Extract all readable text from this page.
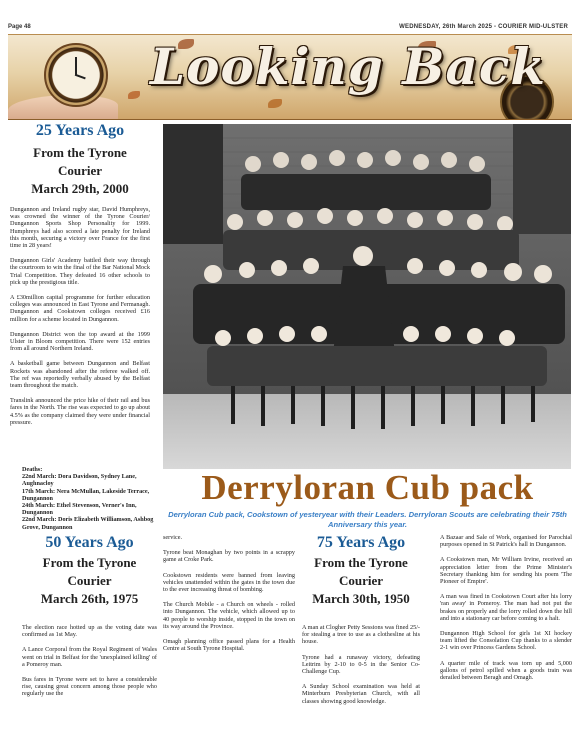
Page 48	WEDNESDAY, 26th March 2025 - COURIER MID-ULSTER
Looking Back
25 Years Ago
From the Tyrone Courier
March 29th, 2000

Dungannon and Ireland rugby star, David Humphreys, was crowned the winner of the Tyrone Courier/ Dungannon Sports Shop Personality for 1999. Humphreys had also scored a late penalty for Ireland this month, securing a victory over France for the first time in 28 years!

Dungannon Girls' Academy battled their way through the courtroom to win the final of the Bar National Mock Trial Competition. They defeated 16 other schools to pick up the prestigious title.

A £30million capital programme for further education colleges was announced in East Tyrone and Fermanagh. Dungannon and Cookstown colleges received £16 million for a scheme located in Dungannon.

Dungannon District won the top award at the 1999 Ulster in Bloom competition. There were 152 entries from all around Northern Ireland.

A basketball game between Dungannon and Belfast Rockets was abandoned after the referee walked off. The ref was reportedly verbally abused by the Belfast team throughout the match.

Translink announced the price hike of their rail and bus fares in the North. The rise was expected to go up about 4.5% as the company claimed they were under financial pressure.

Deaths:
22nd March: Dora Davidson, Sydney Lane, Aughnacloy
17th March: Nera McMullan, Lakeside Terrace, Dungannon
24th March: Ethel Stevenson, Verner's Inn, Dungannon
22nd March: Doris Elizabeth Williamson, Ashbog Grove, Dungannon
Derryloran Cub pack
Derryloran Cub pack, Cookstown of yesteryear with their Leaders. Derryloran Scouts are celebrating their 75th Anniversary this year.
50 Years Ago
From the Tyrone Courier
March 26th, 1975

The election race hotted up as the voting date was confirmed as 1st May.

A Lance Corporal from the Royal Regiment of Wales went on trial in Belfast for the 'unexplained killing' of a Pomeroy man.

Bus fares in Tyrone were set to have a considerable rise, causing great concern among those people who regularly use the

service.

Tyrone beat Monaghan by two points in a scrappy game at Croke Park.

Cookstown residents were banned from leaving vehicles unattended within the gates in the town due to the ever increasing threat of bombing.

The Church Mobile - a Church on wheels - rolled into Dungannon. The vehicle, which allowed up to 40 people to worship inside, stopped in the town on its way around the Province.

Omagh planning office passed plans for a Health Centre at South Tyrone Hospital.

75 Years Ago
From the Tyrone Courier
March 30th, 1950

A man at Clogher Petty Sessions was fined 25/- for stealing a tree to use as a clothesline at his house.

Tyrone had a runaway victory, defeating Leitrim by 2-10 to 0-5 in the Senior Co-Challenge Cup.

A Sunday School examination was held at Minterburn Presbyterian Church, with all classes showing good knowledge.

A Bazaar and Sale of Work, organised for Parochial purposes opened in St Patrick's hall in Dungannon.

A Cookstown man, Mr William Irvine, received an appreciation letter from the Prime Minister's Secretary thanking him for sending his poem 'The Pioneer of Empire'.

A man was fined in Cookstown Court after his lorry 'ran away' in Pomeroy. The man had not put the brakes on properly and the lorry rolled down the hill and into a stationary car before coming to a halt.

Dungannon High School for girls 1st XI hockey team lifted the Consolation Cup thanks to a slender 2-1 win over Princess Gardens School.

A quarter mile of track was torn up and 5,000 gallons of petrol spilled when a goods train was derailed between Beragh and Omagh.
